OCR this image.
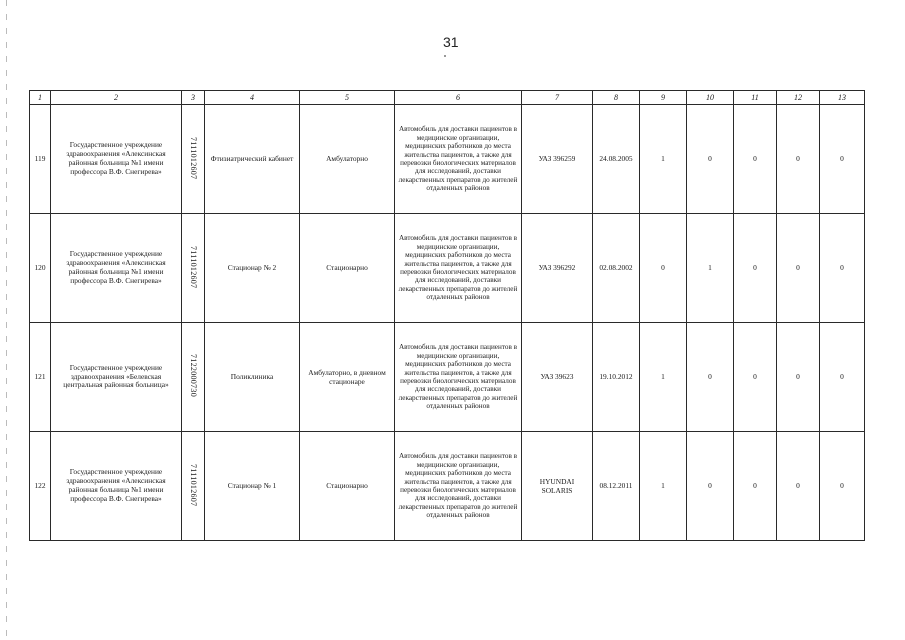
31
1	2	3	4	5	6	7	8	9	10	11	12	13
119	Государственное учреждение здравоохранения «Алексинская районная больница №1 имени профессора В.Ф. Снегирева»	7111012607	Фтизиатрический кабинет	Амбулаторно	Автомобиль для доставки пациентов в медицинские организации, медицинских работников до места жительства пациентов, а также для перевозки биологических материалов для исследований, доставки лекарственных препаратов до жителей отдаленных районов	УАЗ 396259	24.08.2005	1	0	0	0	0
120	Государственное учреждение здравоохранения «Алексинская районная больница №1 имени профессора В.Ф. Снегирева»	7111012607	Стационар № 2	Стационарно	Автомобиль для доставки пациентов в медицинские организации, медицинских работников до места жительства пациентов, а также для перевозки биологических материалов для исследований, доставки лекарственных препаратов до жителей отдаленных районов	УАЗ 396292	02.08.2002	0	1	0	0	0
121	Государственное учреждение здравоохранения «Белевская центральная районная больница»	7122000730	Поликлиника	Амбулаторно, в дневном стационаре	Автомобиль для доставки пациентов в медицинские организации, медицинских работников до места жительства пациентов, а также для перевозки биологических материалов для исследований, доставки лекарственных препаратов до жителей отдаленных районов	УАЗ 39623	19.10.2012	1	0	0	0	0
122	Государственное учреждение здравоохранения «Алексинская районная больница №1 имени профессора В.Ф. Снегирева»	7111012607	Стационар № 1	Стационарно	Автомобиль для доставки пациентов в медицинские организации, медицинских работников до места жительства пациентов, а также для перевозки биологических материалов для исследований, доставки лекарственных препаратов до жителей отдаленных районов	HYUNDAI SOLARIS	08.12.2011	1	0	0	0	0
